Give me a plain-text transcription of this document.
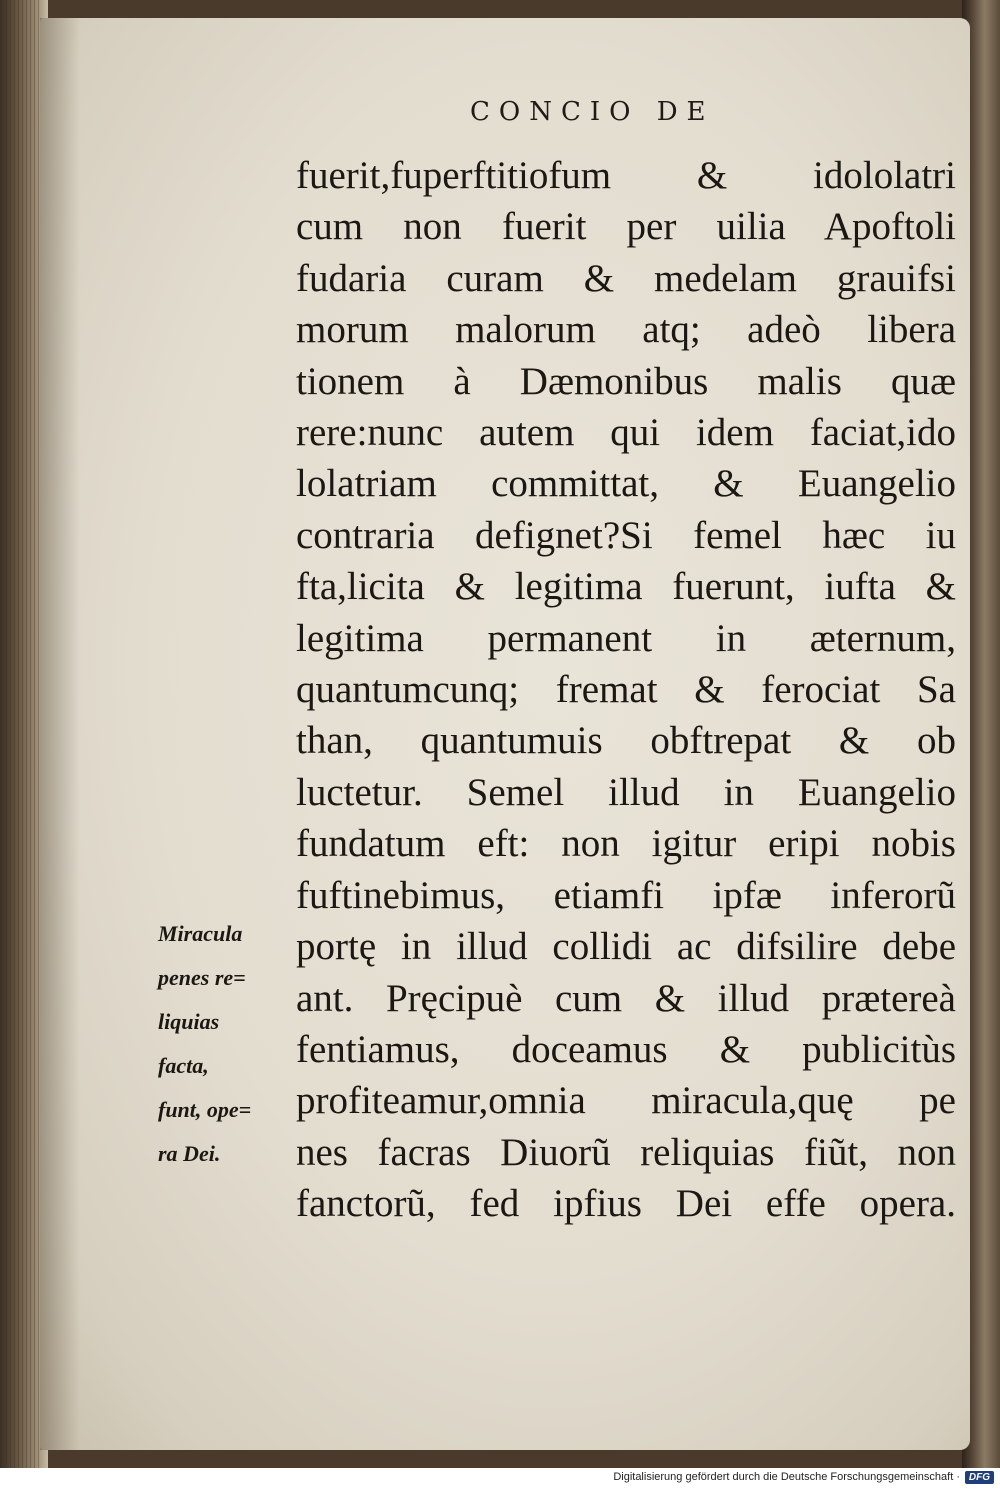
CONCIO DE
fuerit,fuperftitiofum & idololatri
cum non fuerit per uilia Apoftoli
fudaria curam & medelam grauifsi
morum malorum atq; adeò libera
tionem à Dæmonibus malis quæ
rere:nunc autem qui idem faciat,ido
lolatriam committat, & Euangelio
contraria defignet?Si femel hæc iu
fta,licita & legitima fuerunt, iufta &
legitima permanent in æternum,
quantumcunq; fremat & ferociat Sa
than, quantumuis obftrepat & ob
luctetur. Semel illud in Euangelio
fundatum eft: non igitur eripi nobis
fuftinebimus, etiamfi ipfæ inferorũ
portę in illud collidi ac difsilire debe
ant. Pręcipuè cum & illud prætereà
fentiamus, doceamus & publicitùs
profiteamur,omnia miracula,quę pe
nes facras Diuorũ reliquias fiũt, non
fanctorũ, fed ipfius Dei effe opera.
Miracula
penes re=
liquias
facta,
funt, ope=
ra Dei.
Digitalisierung gefördert durch die Deutsche Forschungsgemeinschaft · DFG
